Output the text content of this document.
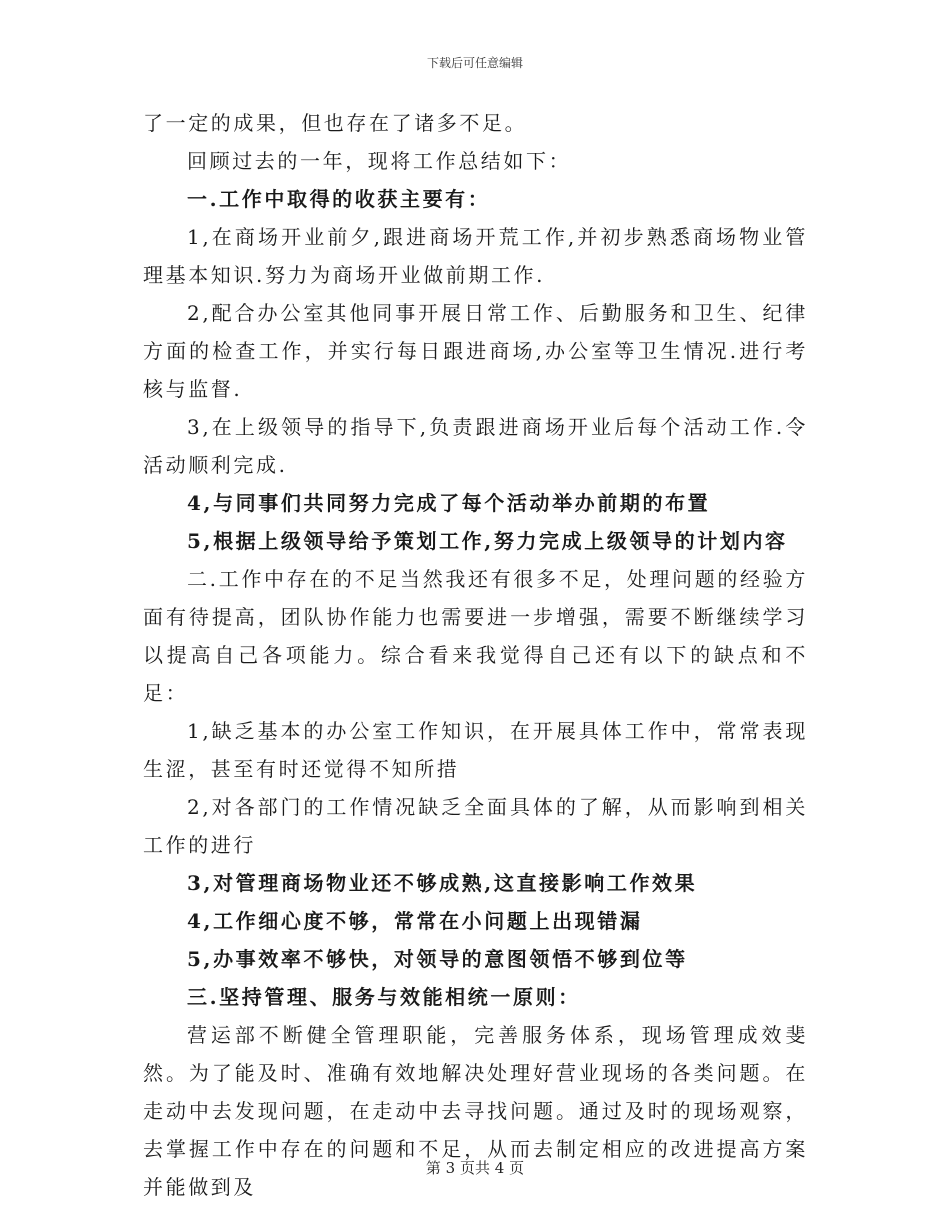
下载后可任意编辑

了一定的成果，但也存在了诸多不足。

回顾过去的一年，现将工作总结如下：

一.工作中取得的收获主要有：

1,在商场开业前夕,跟进商场开荒工作,并初步熟悉商场物业管理基本知识.努力为商场开业做前期工作.

2,配合办公室其他同事开展日常工作、后勤服务和卫生、纪律方面的检查工作，并实行每日跟进商场,办公室等卫生情况.进行考核与监督.

3,在上级领导的指导下,负责跟进商场开业后每个活动工作.令活动顺利完成.

4,与同事们共同努力完成了每个活动举办前期的布置

5,根据上级领导给予策划工作,努力完成上级领导的计划内容

二.工作中存在的不足当然我还有很多不足，处理问题的经验方面有待提高，团队协作能力也需要进一步增强，需要不断继续学习以提高自己各项能力。综合看来我觉得自己还有以下的缺点和不足：

1,缺乏基本的办公室工作知识，在开展具体工作中，常常表现生涩，甚至有时还觉得不知所措

2,对各部门的工作情况缺乏全面具体的了解，从而影响到相关工作的进行

3,对管理商场物业还不够成熟,这直接影响工作效果

4,工作细心度不够，常常在小问题上出现错漏

5,办事效率不够快，对领导的意图领悟不够到位等

三.坚持管理、服务与效能相统一原则：

营运部不断健全管理职能，完善服务体系，现场管理成效斐然。为了能及时、准确有效地解决处理好营业现场的各类问题。在走动中去发现问题，在走动中去寻找问题。通过及时的现场观察，去掌握工作中存在的问题和不足，从而去制定相应的改进提高方案并能做到及

第 3 页共 4 页
